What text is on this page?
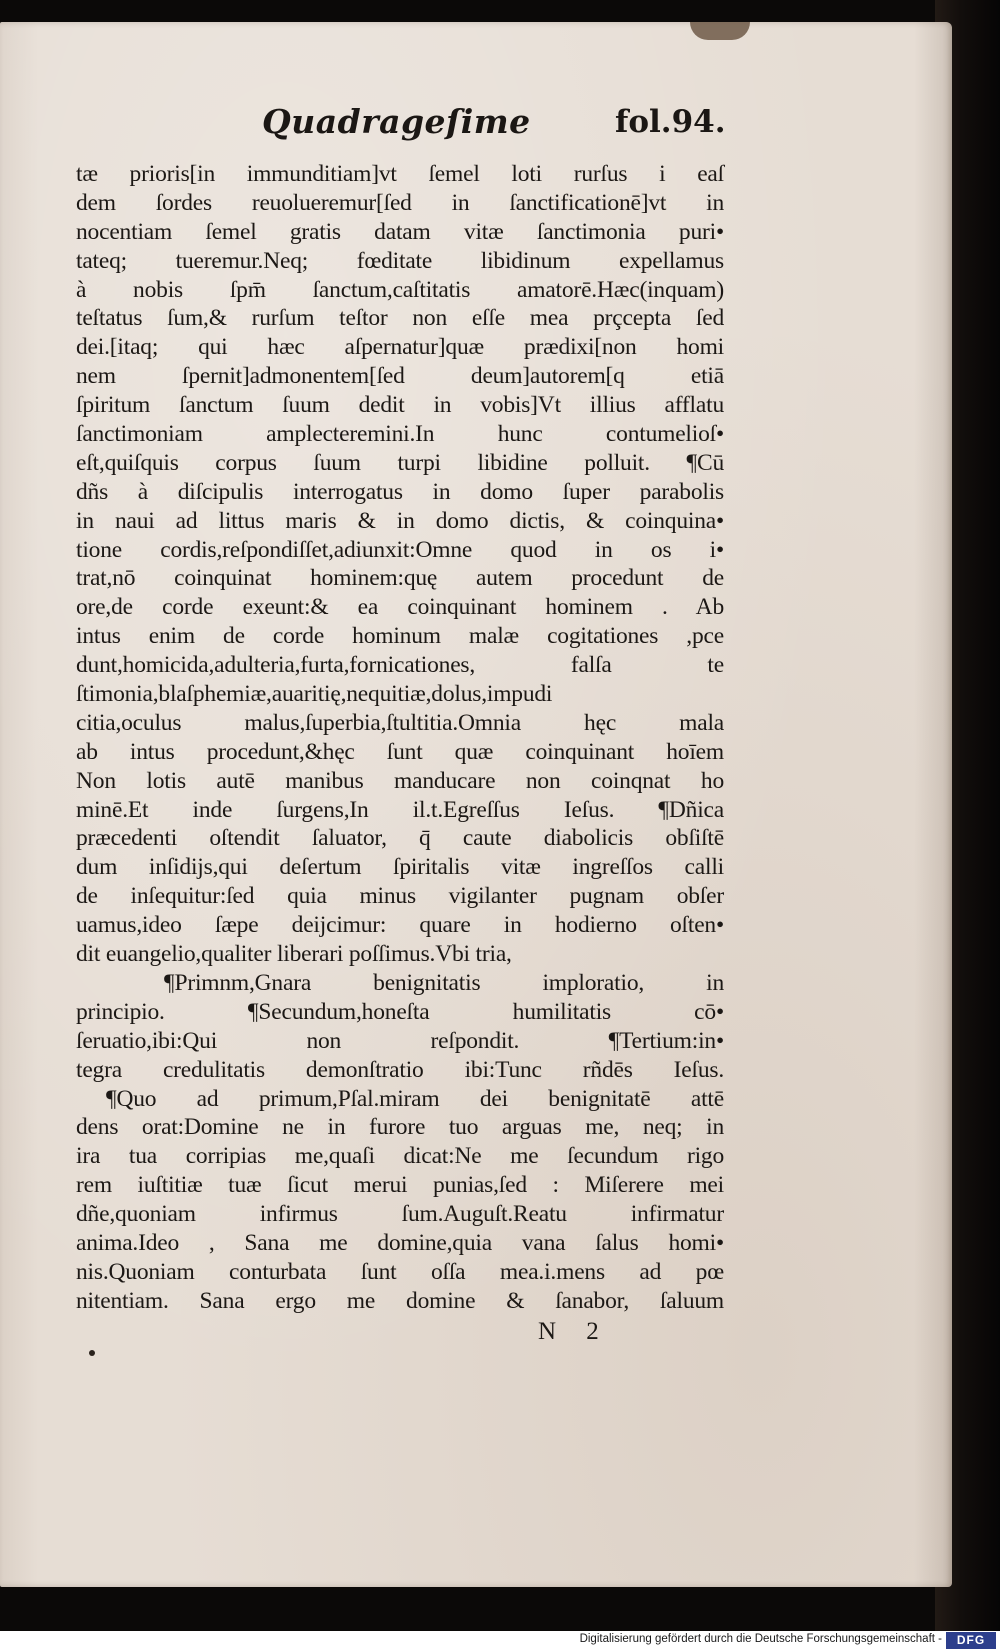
Quadrageſime	fol.94.
tæ prioris[in immunditiam]vt ſemel loti rurſus i eaſ
dem ſordes reuolueremur[ſed in ſanctificationē]vt in
nocentiam ſemel gratis datam vitæ ſanctimonia puri•
tateq; tueremur.Neq; fœditate libidinum expellamus
à nobis ſpm̄ ſanctum,caſtitatis amatorē.Hæc(inquam)
teſtatus ſum,& rurſum teſtor non eſſe mea prçcepta ſed
dei.[itaq; qui hæc aſpernatur]quæ prædixi[non homi
nem ſpernit]admonentem[ſed deum]autorem[q etiā
ſpiritum ſanctum ſuum dedit in vobis]Vt illius afflatu
ſanctimoniam amplecteremini.In hunc contumelioſ•
eſt,quiſquis corpus ſuum turpi libidine polluit. ¶Cū
dñs à diſcipulis interrogatus in domo ſuper parabolis
in naui ad littus maris & in domo dictis, & coinquina•
tione cordis,reſpondiſſet,adiunxit:Omne quod in os i•
trat,nō coinquinat hominem:quę autem procedunt de
ore,de corde exeunt:& ea coinquinant hominem . Ab
intus enim de corde hominum malæ cogitationes ,pce
dunt,homicida,adulteria,furta,fornicationes, falſa te
ſtimonia,blaſphemiæ,auaritię,nequitiæ,dolus,impudi
citia,oculus malus,ſuperbia,ſtultitia.Omnia hęc mala
ab intus procedunt,&hęc ſunt quæ coinquinant hoīem
Non lotis autē manibus manducare non coinqnat ho
minē.Et inde ſurgens,In il.t.Egreſſus Ieſus. ¶Dñica
præcedenti oſtendit ſaluator, q̄ caute diabolicis obſiſtē
dum inſidijs,qui deſertum ſpiritalis vitæ ingreſſos calli
de inſequitur:ſed quia minus vigilanter pugnam obſer
uamus,ideo ſæpe deijcimur: quare in hodierno oſten•
dit euangelio,qualiter liberari poſſimus.Vbi tria,
¶Primnm,Gnara benignitatis imploratio, in
principio. ¶Secundum,honeſta humilitatis cō•
ſeruatio,ibi:Qui non reſpondit. ¶Tertium:in•
tegra credulitatis demonſtratio ibi:Tunc rñdēs Ieſus.
¶Quo ad primum,Pſal.miram dei benignitatē attē
dens orat:Domine ne in furore tuo arguas me, neq; in
ira tua corripias me,quaſi dicat:Ne me ſecundum rigo
rem iuſtitiæ tuæ ſicut merui punias,ſed : Miſerere mei
dñe,quoniam infirmus ſum.Auguſt.Reatu infirmatur
anima.Ideo , Sana me domine,quia vana ſalus homi•
nis.Quoniam conturbata ſunt oſſa mea.i.mens ad pœ
nitentiam. Sana ergo me domine & ſanabor, ſaluum
N 2
Digitalisierung gefördert durch die Deutsche Forschungsgemeinschaft -	DFG
